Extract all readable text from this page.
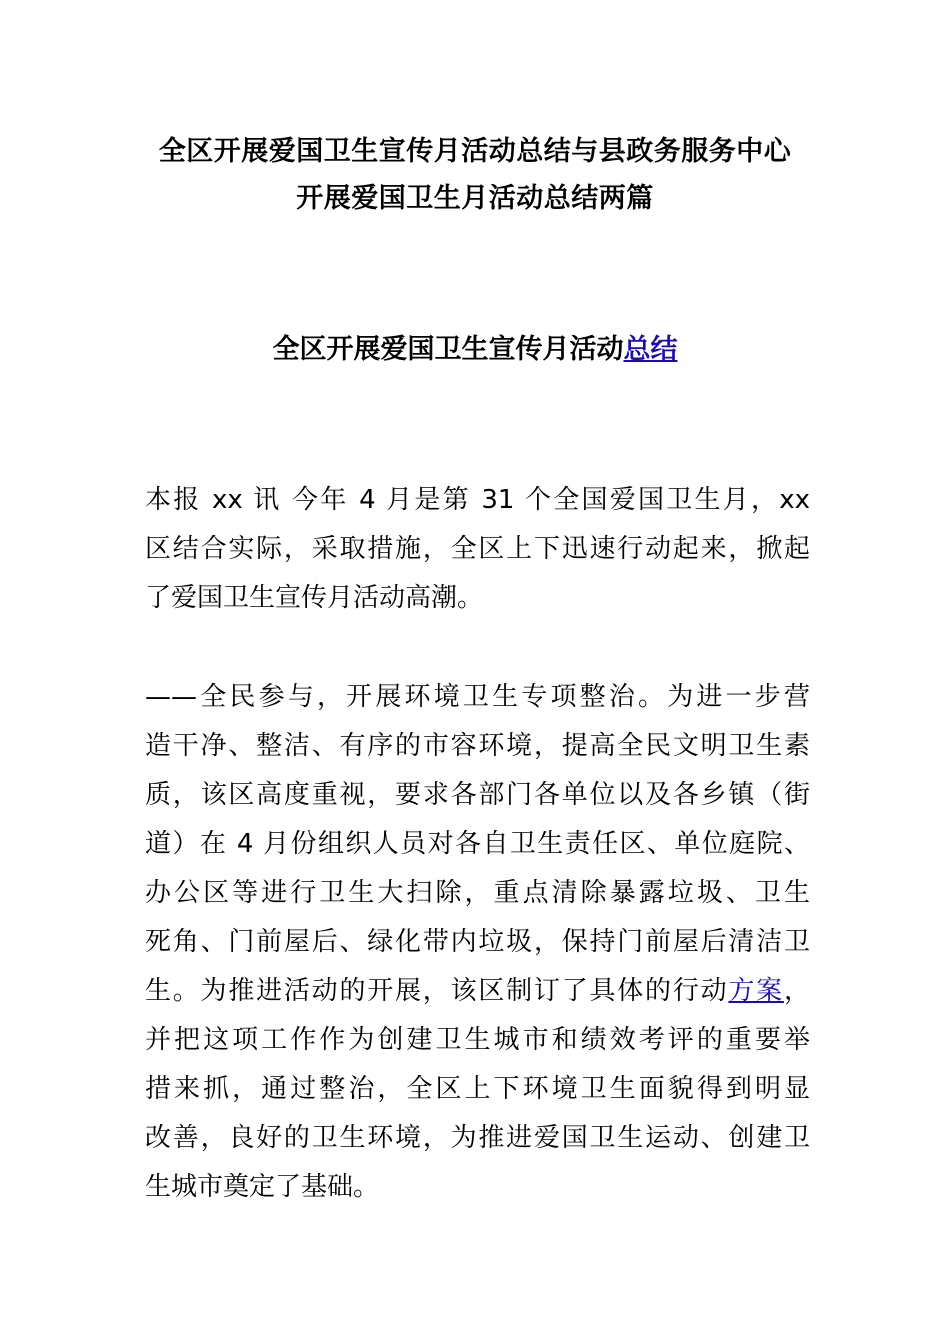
全区开展爱国卫生宣传月活动总结与县政务服务中心
开展爱国卫生月活动总结两篇
全区开展爱国卫生宣传月活动总结
本报 xx 讯 今年 4 月是第 31 个全国爱国卫生月，xx
区结合实际，采取措施，全区上下迅速行动起来，掀起
了爱国卫生宣传月活动高潮。
——全民参与，开展环境卫生专项整治。为进一步营
造干净、整洁、有序的市容环境，提高全民文明卫生素
质，该区高度重视，要求各部门各单位以及各乡镇（街
道）在 4 月份组织人员对各自卫生责任区、单位庭院、
办公区等进行卫生大扫除，重点清除暴露垃圾、卫生
死角、门前屋后、绿化带内垃圾，保持门前屋后清洁卫
生。为推进活动的开展，该区制订了具体的行动方案，
并把这项工作作为创建卫生城市和绩效考评的重要举
措来抓，通过整治，全区上下环境卫生面貌得到明显
改善，良好的卫生环境，为推进爱国卫生运动、创建卫
生城市奠定了基础。
